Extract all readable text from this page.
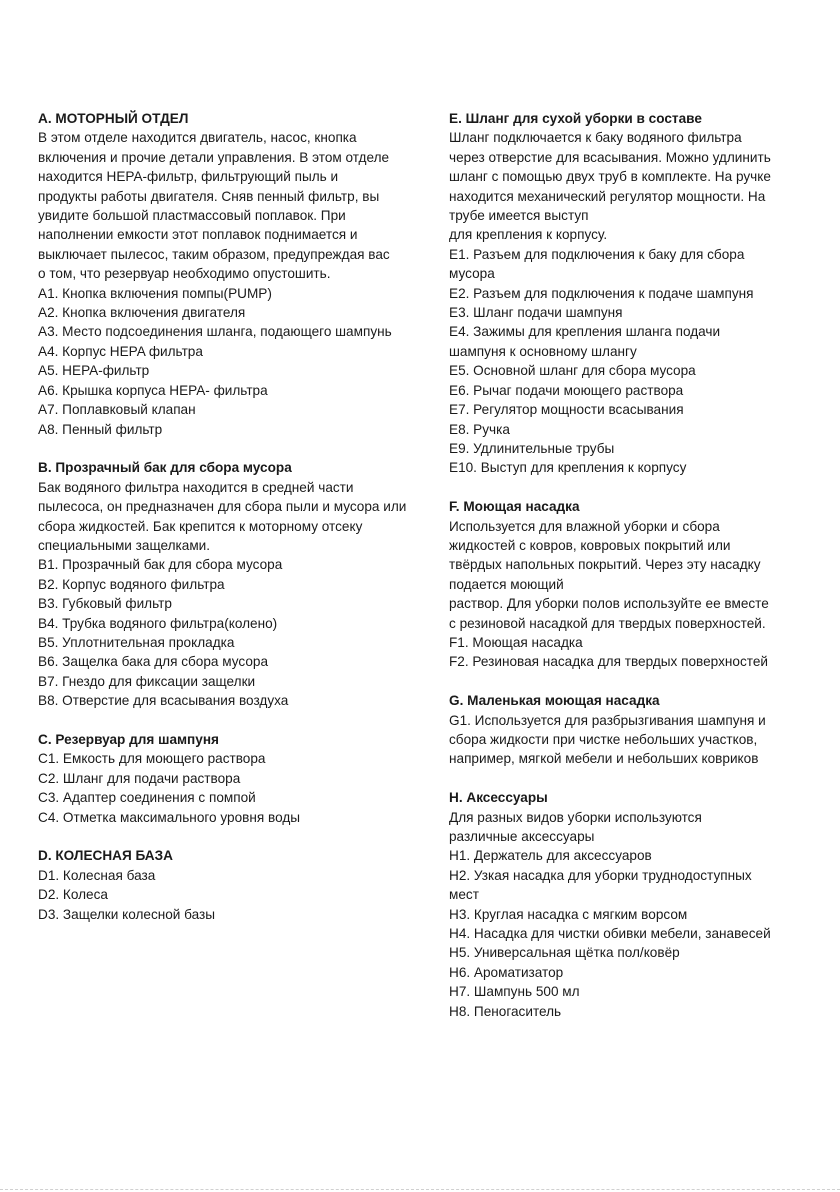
A. МОТОРНЫЙ ОТДЕЛ
В этом отделе находится двигатель, насос, кнопка
включения и прочие детали управления. В этом отделе
находится HEPA-фильтр, фильтрующий пыль и
продукты работы двигателя. Сняв пенный фильтр, вы
увидите большой пластмассовый поплавок. При
наполнении емкости этот поплавок поднимается и
выключает пылесос, таким образом, предупреждая вас
о том, что резервуар необходимо опустошить.
A1. Кнопка включения помпы(PUMP)
A2. Кнопка включения двигателя
A3. Место подсоединения шланга, подающего шампунь
A4. Корпус HEPA фильтра
A5. HEPA-фильтр
A6. Крышка корпуса HEPA- фильтра
A7. Поплавковый клапан
A8. Пенный фильтр
B. Прозрачный бак для сбора мусора
Бак водяного фильтра находится в средней части
пылесоса, он предназначен для сбора пыли и мусора или
сбора жидкостей. Бак крепится к моторному отсеку
специальными защелками.
B1. Прозрачный бак для сбора мусора
B2. Корпус водяного фильтра
B3. Губковый фильтр
B4. Трубка водяного фильтра(колено)
B5. Уплотнительная прокладка
B6. Защелка бака для сбора мусора
B7. Гнездо для фиксации защелки
B8. Отверстие для всасывания воздуха
C. Резервуар для шампуня
C1. Емкость для моющего раствора
C2. Шланг для подачи раствора
C3. Адаптер соединения с помпой
C4. Отметка максимального уровня воды
D. КОЛЕСНАЯ БАЗА
D1. Колесная база
D2. Колеса
D3. Защелки колесной базы
E. Шланг для сухой уборки в составе
Шланг подключается к баку водяного фильтра
через отверстие для всасывания. Можно удлинить
шланг с помощью двух труб в комплекте. На ручке
находится механический регулятор мощности. На
трубе имеется выступ
для крепления к корпусу.
E1. Разъем для подключения к баку для сбора
мусора
E2. Разъем для подключения к подаче шампуня
E3. Шланг подачи шампуня
E4. Зажимы для крепления шланга подачи
шампуня к основному шлангу
E5. Основной шланг для сбора мусора
E6. Рычаг подачи моющего раствора
E7. Регулятор мощности всасывания
E8. Ручка
E9. Удлинительные трубы
E10. Выступ для крепления к корпусу
F. Моющая насадка
Используется для влажной уборки и сбора
жидкостей с ковров, ковровых покрытий или
твёрдых напольных покрытий. Через эту насадку
подается моющий
раствор. Для уборки полов используйте ее вместе
с резиновой насадкой для твердых поверхностей.
F1. Моющая насадка
F2. Резиновая насадка для твердых поверхностей
G. Маленькая моющая насадка
G1. Используется для разбрызгивания шампуня и
сбора жидкости при чистке небольших участков,
например, мягкой мебели и небольших ковриков
H. Аксессуары
Для разных видов уборки используются
различные аксессуары
H1. Держатель для аксессуаров
H2. Узкая насадка для уборки труднодоступных
мест
H3. Круглая насадка с мягким ворсом
H4. Насадка для чистки обивки мебели, занавесей
H5. Универсальная щётка пол/ковёр
H6. Ароматизатор
H7. Шампунь 500 мл
H8. Пеногаситель
